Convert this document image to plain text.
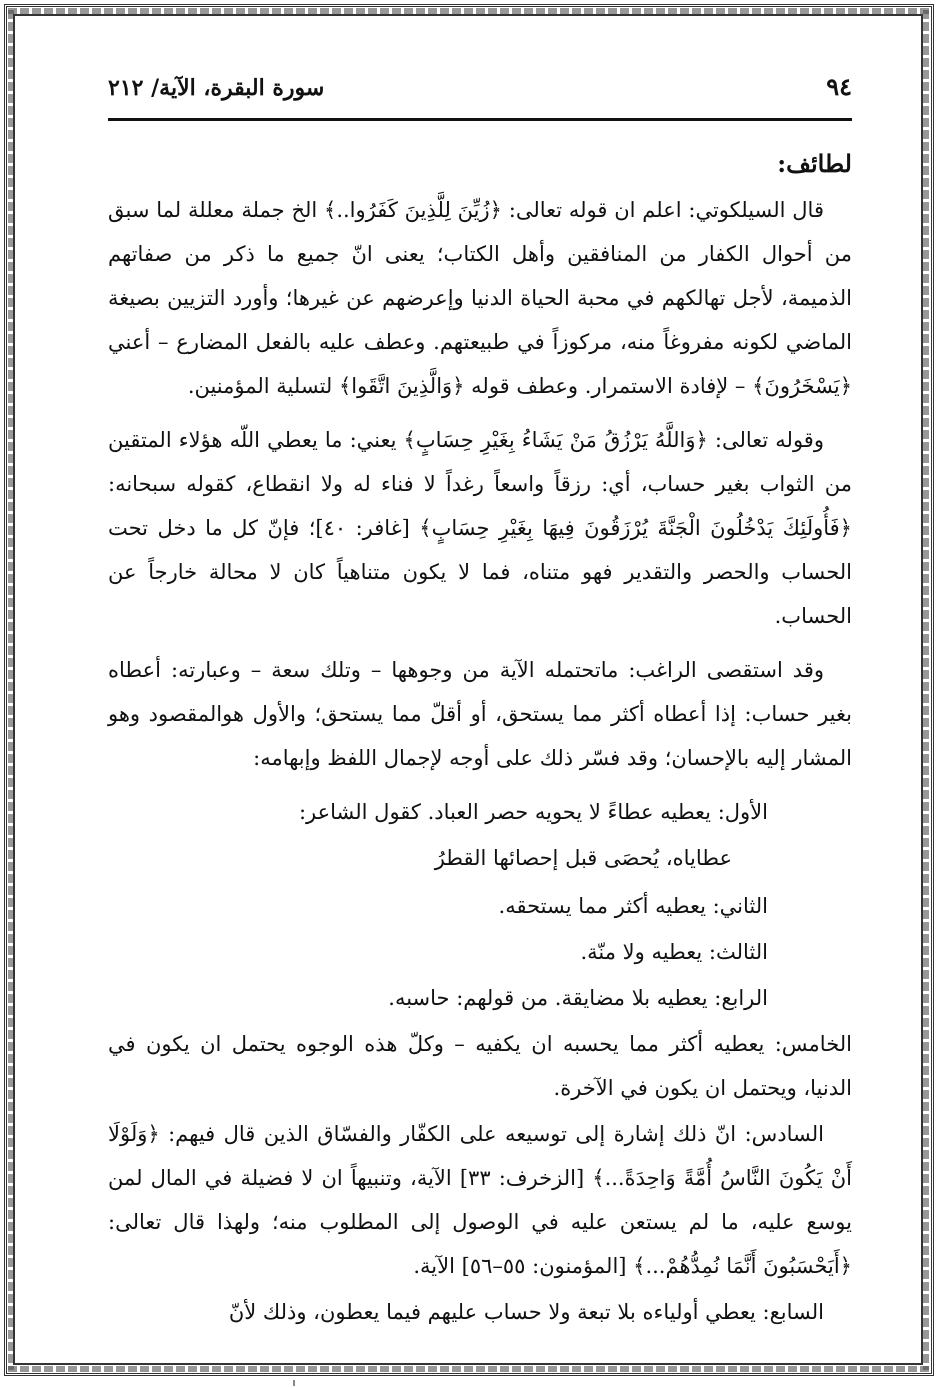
٩٤
سورة البقرة، الآية/ ٢١٢
لطائف:

قال السيلكوتي: اعلم ان قوله تعالى: ﴿زُيِّنَ لِلَّذِينَ كَفَرُوا..﴾ الخ جملة معللة لما سبق من أحوال الكفار من المنافقين وأهل الكتاب؛ يعنى انّ جميع ما ذكر من صفاتهم الذميمة، لأجل تهالكهم في محبة الحياة الدنيا وإعرضهم عن غيرها؛ وأورد التزيين بصيغة الماضي لكونه مفروغاً منه، مركوزاً في طبيعتهم. وعطف عليه بالفعل المضارع – أعني ﴿يَسْخَرُونَ﴾ – لإفادة الاستمرار. وعطف قوله ﴿وَالَّذِينَ اتَّقَوا﴾ لتسلية المؤمنين.

وقوله تعالى: ﴿وَاللَّهُ يَرْزُقُ مَنْ يَشَاءُ بِغَيْرِ حِسَابٍ﴾ يعني: ما يعطي اللّه هؤلاء المتقين من الثواب بغير حساب، أي: رزقاً واسعاً رغداً لا فناء له ولا انقطاع، كقوله سبحانه: ﴿فَأُولَئِكَ يَدْخُلُونَ الْجَنَّةَ يُرْزَقُونَ فِيهَا بِغَيْرِ حِسَابٍ﴾ [غافر: ٤٠]؛ فإنّ كل ما دخل تحت الحساب والحصر والتقدير فهو متناه، فما لا يكون متناهياً كان لا محالة خارجاً عن الحساب.

وقد استقصى الراغب: ماتحتمله الآية من وجوهها – وتلك سعة – وعبارته: أعطاه بغير حساب: إذا أعطاه أكثر مما يستحق، أو أقلّ مما يستحق؛ والأول هوالمقصود وهو المشار إليه بالإحسان؛ وقد فسّر ذلك على أوجه لإجمال اللفظ وإبهامه:

الأول: يعطيه عطاءً لا يحويه حصر العباد. كقول الشاعر:

عطاياه، يُحصَى قبل إحصائها القطرُ

الثاني: يعطيه أكثر مما يستحقه.

الثالث: يعطيه ولا منّة.

الرابع: يعطيه بلا مضايقة. من قولهم: حاسبه.

الخامس: يعطيه أكثر مما يحسبه ان يكفيه – وكلّ هذه الوجوه يحتمل ان يكون في الدنيا، ويحتمل ان يكون في الآخرة.

السادس: انّ ذلك إشارة إلى توسيعه على الكفّار والفسّاق الذين قال فيهم: ﴿وَلَوْلَا أَنْ يَكُونَ النَّاسُ أُمَّةً وَاحِدَةً...﴾ [الزخرف: ٣٣] الآية، وتنبيهاً ان لا فضيلة في المال لمن يوسع عليه، ما لم يستعن عليه في الوصول إلى المطلوب منه؛ ولهذا قال تعالى: ﴿أَيَحْسَبُونَ أَنَّمَا نُمِدُّهُمْ...﴾ [المؤمنون: ٥٥–٥٦] الآية.

السابع: يعطي أولياءه بلا تبعة ولا حساب عليهم فيما يعطون، وذلك لأنّ
